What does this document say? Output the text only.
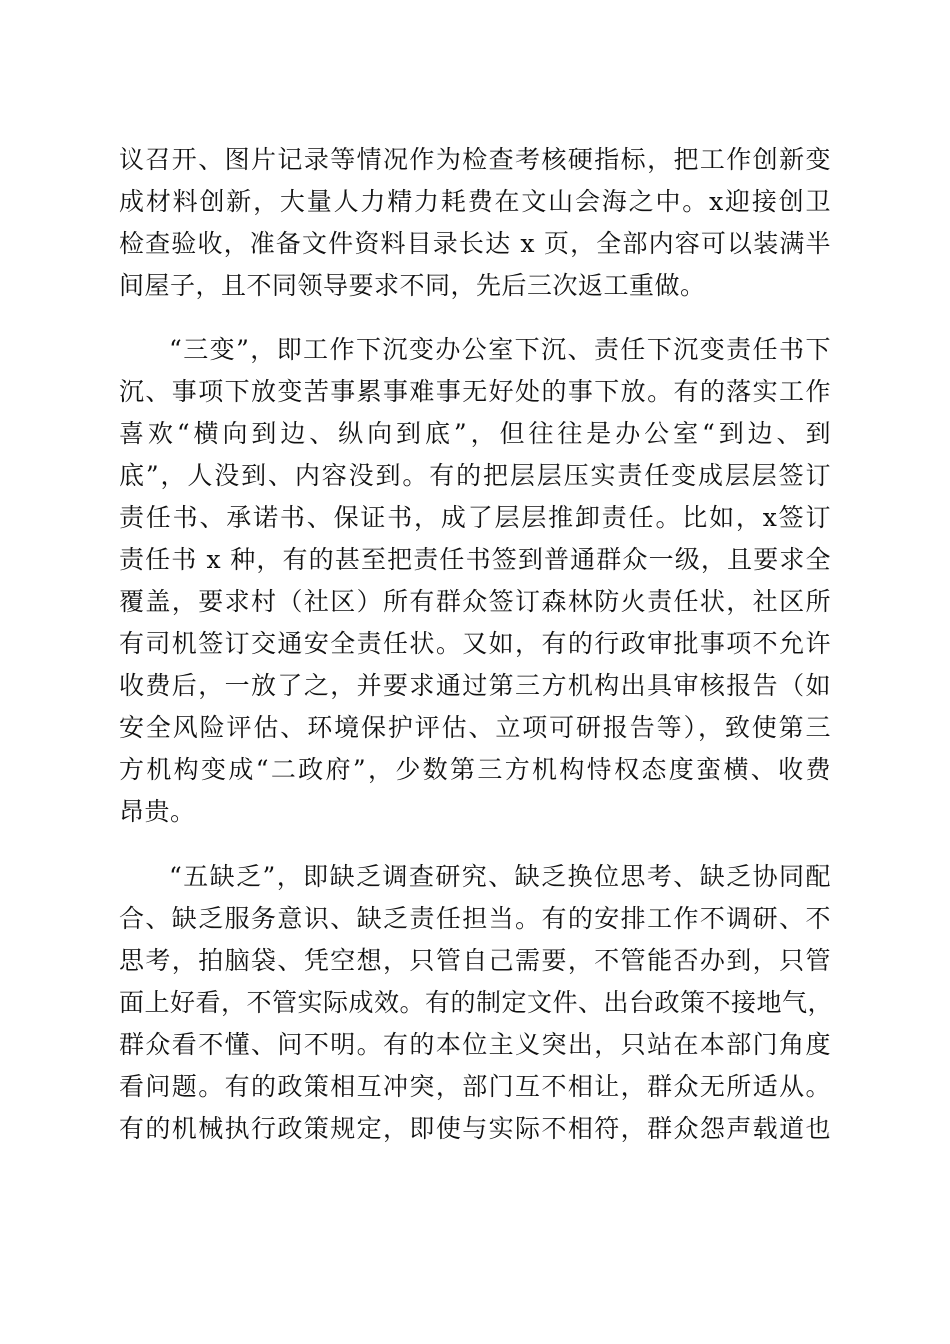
议召开、图片记录等情况作为检查考核硬指标，把工作创新变
成材料创新，大量人力精力耗费在文山会海之中。x迎接创卫
检查验收，准备文件资料目录长达 x 页，全部内容可以装满半
间屋子，且不同领导要求不同，先后三次返工重做。
“三变”，即工作下沉变办公室下沉、责任下沉变责任书下
沉、事项下放变苦事累事难事无好处的事下放。有的落实工作
喜欢“横向到边、纵向到底”，但往往是办公室“到边、到
底”，人没到、内容没到。有的把层层压实责任变成层层签订
责任书、承诺书、保证书，成了层层推卸责任。比如，x签订
责任书 x 种，有的甚至把责任书签到普通群众一级，且要求全
覆盖，要求村（社区）所有群众签订森林防火责任状，社区所
有司机签订交通安全责任状。又如，有的行政审批事项不允许
收费后，一放了之，并要求通过第三方机构出具审核报告（如
安全风险评估、环境保护评估、立项可研报告等），致使第三
方机构变成“二政府”，少数第三方机构恃权态度蛮横、收费
昂贵。
“五缺乏”，即缺乏调查研究、缺乏换位思考、缺乏协同配
合、缺乏服务意识、缺乏责任担当。有的安排工作不调研、不
思考，拍脑袋、凭空想，只管自己需要，不管能否办到，只管
面上好看，不管实际成效。有的制定文件、出台政策不接地气，
群众看不懂、问不明。有的本位主义突出，只站在本部门角度
看问题。有的政策相互冲突，部门互不相让，群众无所适从。
有的机械执行政策规定，即使与实际不相符，群众怨声载道也
